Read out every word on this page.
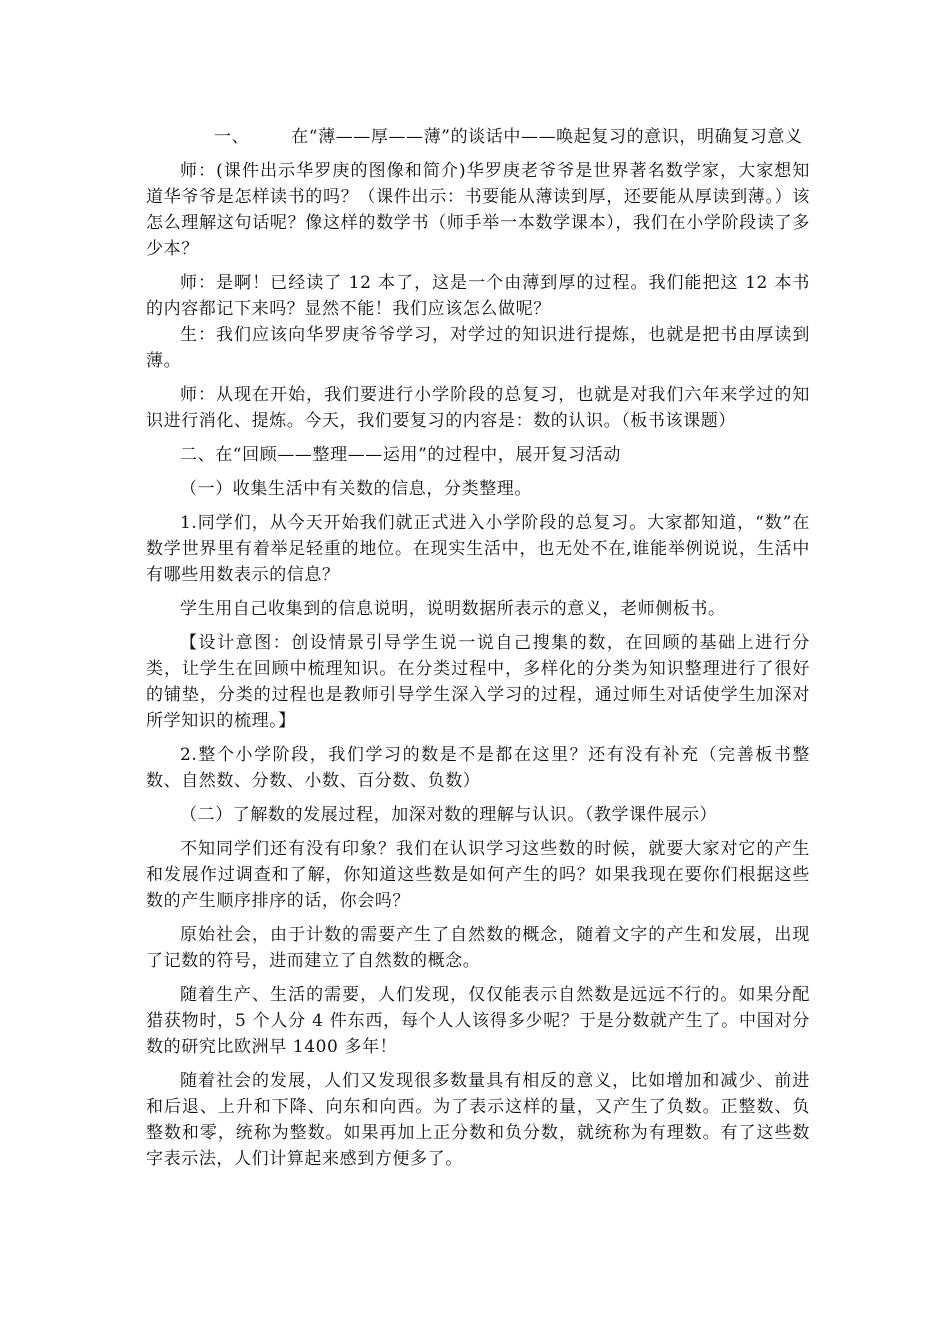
一、 在“薄——厚——薄”的谈话中——唤起复习的意识，明确复习意义

师：(课件出示华罗庚的图像和简介)华罗庚老爷爷是世界著名数学家，大家想知道华爷爷是怎样读书的吗？（课件出示：书要能从薄读到厚，还要能从厚读到薄。）该怎么理解这句话呢？像这样的数学书（师手举一本数学课本），我们在小学阶段读了多少本？

师：是啊！已经读了 12 本了，这是一个由薄到厚的过程。我们能把这 12 本书的内容都记下来吗？显然不能！我们应该怎么做呢？

生：我们应该向华罗庚爷爷学习，对学过的知识进行提炼，也就是把书由厚读到薄。

师：从现在开始，我们要进行小学阶段的总复习，也就是对我们六年来学过的知识进行消化、提炼。今天，我们要复习的内容是：数的认识。（板书该课题）

二、在“回顾——整理——运用”的过程中，展开复习活动

（一）收集生活中有关数的信息，分类整理。

1.同学们，从今天开始我们就正式进入小学阶段的总复习。大家都知道，“数”在数学世界里有着举足轻重的地位。在现实生活中，也无处不在,谁能举例说说，生活中有哪些用数表示的信息？

学生用自己收集到的信息说明，说明数据所表示的意义，老师侧板书。

【设计意图：创设情景引导学生说一说自己搜集的数，在回顾的基础上进行分类，让学生在回顾中梳理知识。在分类过程中，多样化的分类为知识整理进行了很好的铺垫，分类的过程也是教师引导学生深入学习的过程，通过师生对话使学生加深对所学知识的梳理。】

2.整个小学阶段，我们学习的数是不是都在这里？还有没有补充（完善板书整数、自然数、分数、小数、百分数、负数）

（二）了解数的发展过程，加深对数的理解与认识。（教学课件展示）

不知同学们还有没有印象？我们在认识学习这些数的时候，就要大家对它的产生和发展作过调查和了解，你知道这些数是如何产生的吗？如果我现在要你们根据这些数的产生顺序排序的话，你会吗？

原始社会，由于计数的需要产生了自然数的概念，随着文字的产生和发展，出现了记数的符号，进而建立了自然数的概念。

随着生产、生活的需要，人们发现，仅仅能表示自然数是远远不行的。如果分配猎获物时，5 个人分 4 件东西，每个人人该得多少呢？于是分数就产生了。中国对分数的研究比欧洲早 1400 多年！

随着社会的发展，人们又发现很多数量具有相反的意义，比如增加和减少、前进和后退、上升和下降、向东和向西。为了表示这样的量，又产生了负数。正整数、负整数和零，统称为整数。如果再加上正分数和负分数，就统称为有理数。有了这些数字表示法，人们计算起来感到方便多了。
